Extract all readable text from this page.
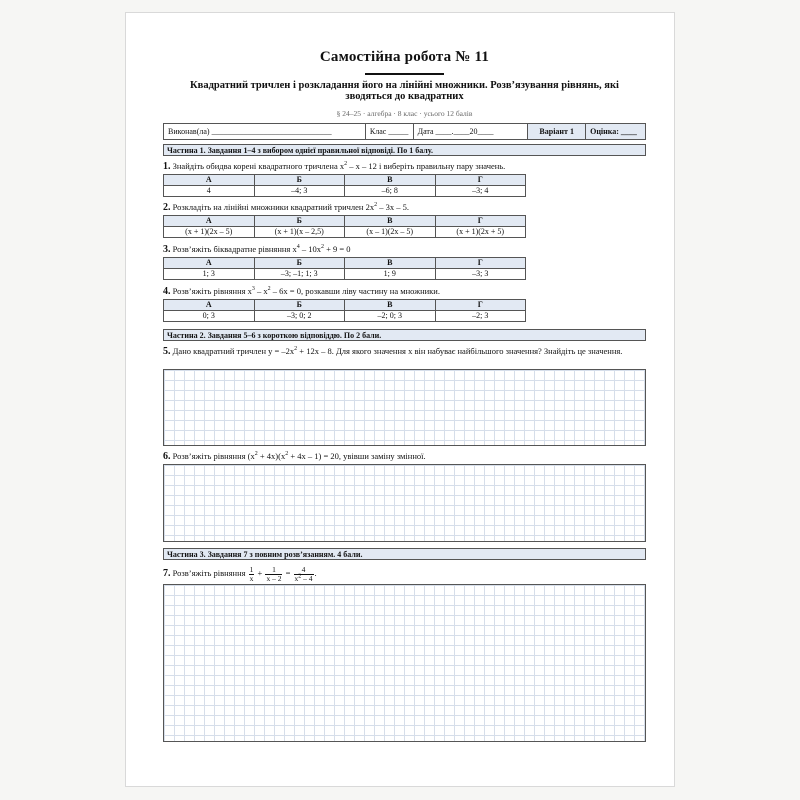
Самостійна робота № 11
Квадратний тричлен і розкладання його на лінійні множники. Розв’язування рівнянь, які зводяться до квадратних
§ 24–25 · алгебра · 8 клас · усього 12 балів
Виконав(ла) ______________________________	Клас _____	Дата ____.____20____	Варіант 1	Оцінка: ____
Частина 1. Завдання 1–4 з вибором однієї правильної відповіді. По 1 балу.
1. Знайдіть обидва корені квадратного тричлена $x^2$ – x – 12 і виберіть правильну пару значень.
А	Б	В	Г
4	–4; 3	–6; 8	–3; 4
2. Розкладіть на лінійні множники квадратний тричлен $2x^2 - 3x - 5$.
А	Б	В	Г
(x + 1)(2x – 5)	(x + 1)(x – 2,5)	(x – 1)(2x – 5)	(x + 1)(2x + 5)
3. Розв’яжіть біквадратне рівняння $x^4 - 10x^2 + 9 = 0$
А	Б	В	Г
1; 3	–3; –1; 1; 3	1; 9	–3; 3
4. Розв’яжіть рівняння $x^3 - x^2 - 6x = 0$, розкавши ліву частину на множники.
А	Б	В	Г
0; 3	–3; 0; 2	–2; 0; 3	–2; 3
Частина 2. Завдання 5–6 з короткою відповіддю. По 2 бали.
5. Дано квадратний тричлен $y = -2x^2 + 12x - 8$. Для якого значення x він набуває найбільшого значення? Знайдіть це значення.
6. Розв’яжіть рівняння $(x^2 + 4x)(x^2 + 4x - 1) = 20$, увівши заміну змінної.
Частина 3. Завдання 7 з повним розв’язанням. 4 бали.
7. Розв’яжіть рівняння $\frac{1}{x} + \frac{1}{x - 2} = \frac{4}{x^2 - 4}$ .
